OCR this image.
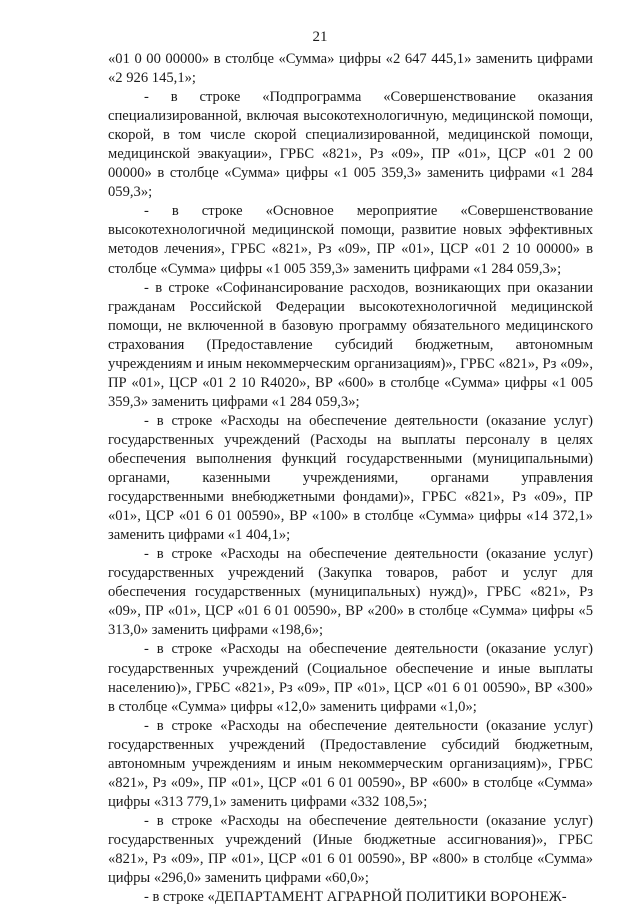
21

«01 0 00 00000» в столбце «Сумма» цифры «2 647 445,1» заменить цифрами «2 926 145,1»;

- в строке «Подпрограмма «Совершенствование оказания специализированной, включая высокотехнологичную, медицинской помощи, скорой, в том числе скорой специализированной, медицинской помощи, медицинской эвакуации», ГРБС «821», Рз «09», ПР «01», ЦСР «01 2 00 00000» в столбце «Сумма» цифры «1 005 359,3» заменить цифрами «1 284 059,3»;

- в строке «Основное мероприятие «Совершенствование высокотехнологичной медицинской помощи, развитие новых эффективных методов лечения», ГРБС «821», Рз «09», ПР «01», ЦСР «01 2 10 00000» в столбце «Сумма» цифры «1 005 359,3» заменить цифрами «1 284 059,3»;

- в строке «Софинансирование расходов, возникающих при оказании гражданам Российской Федерации высокотехнологичной медицинской помощи, не включенной в базовую программу обязательного медицинского страхования (Предоставление субсидий бюджетным, автономным учреждениям и иным некоммерческим организациям)», ГРБС «821», Рз «09», ПР «01», ЦСР «01 2 10 R4020», ВР «600» в столбце «Сумма» цифры «1 005 359,3» заменить цифрами «1 284 059,3»;

- в строке «Расходы на обеспечение деятельности (оказание услуг) государственных учреждений (Расходы на выплаты персоналу в целях обеспечения выполнения функций государственными (муниципальными) органами, казенными учреждениями, органами управления государственными внебюджетными фондами)», ГРБС «821», Рз «09», ПР «01», ЦСР «01 6 01 00590», ВР «100» в столбце «Сумма» цифры «14 372,1» заменить цифрами «1 404,1»;

- в строке «Расходы на обеспечение деятельности (оказание услуг) государственных учреждений (Закупка товаров, работ и услуг для обеспечения государственных (муниципальных) нужд)», ГРБС «821», Рз «09», ПР «01», ЦСР «01 6 01 00590», ВР «200» в столбце «Сумма» цифры «5 313,0» заменить цифрами «198,6»;

- в строке «Расходы на обеспечение деятельности (оказание услуг) государственных учреждений (Социальное обеспечение и иные выплаты населению)», ГРБС «821», Рз «09», ПР «01», ЦСР «01 6 01 00590», ВР «300» в столбце «Сумма» цифры «12,0» заменить цифрами «1,0»;

- в строке «Расходы на обеспечение деятельности (оказание услуг) государственных учреждений (Предоставление субсидий бюджетным, автономным учреждениям и иным некоммерческим организациям)», ГРБС «821», Рз «09», ПР «01», ЦСР «01 6 01 00590», ВР «600» в столбце «Сумма» цифры «313 779,1» заменить цифрами «332 108,5»;

- в строке «Расходы на обеспечение деятельности (оказание услуг) государственных учреждений (Иные бюджетные ассигнования)», ГРБС «821», Рз «09», ПР «01», ЦСР «01 6 01 00590», ВР «800» в столбце «Сумма» цифры «296,0» заменить цифрами «60,0»;

- в строке «ДЕПАРТАМЕНТ АГРАРНОЙ ПОЛИТИКИ ВОРОНЕЖ-
